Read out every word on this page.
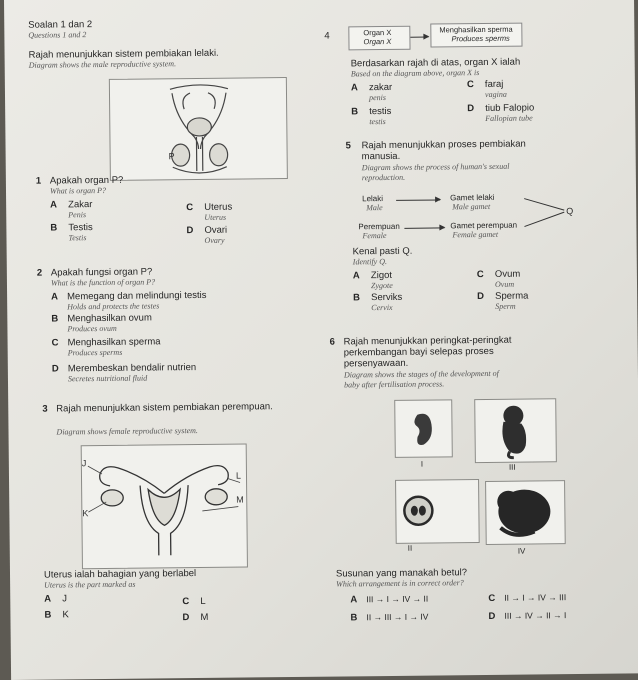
Soalan 1 dan 2
Questions 1 and 2	4
Rajah menunjukkan sistem pembiakan lelaki.
Diagram shows the male reproductive system.
P
1 Apakah organ P?
What is organ P?
A Zakar
Penis
B Testis
Testis
C Uterus
Uterus
D Ovari
Ovary
2 Apakah fungsi organ P?
What is the function of organ P?
A Memegang dan melindungi testis
Holds and protects the testes
B Menghasilkan ovum
Produces ovum
C Menghasilkan sperma
Produces sperms
D Merembeskan bendalir nutrien
Secretes nutritional fluid
3 Rajah menunjukkan sistem pembiakan perempuan.
Diagram shows female reproductive system.
J
K
L
M
Uterus ialah bahagian yang berlabel
Uterus is the part marked as
A J
B K
C L
D M
Organ X
Organ X
Menghasilkan sperma
Produces sperms
Berdasarkan rajah di atas, organ X ialah
Based on the diagram above, organ X is
A zakar
penis
B testis
testis
C faraj
vagina
D tiub Falopio
Fallopian tube
5 Rajah menunjukkan proses pembiakan
manusia.
Diagram shows the process of human's sexual
reproduction.
Lelaki
Male
Gamet lelaki
Male gamet
Perempuan
Female
Gamet perempuan
Female gamet
Q
Kenal pasti Q.
Identify Q.
A Zigot
Zygote
B Serviks
Cervix
C Ovum
Ovum
D Sperma
Sperm
6 Rajah menunjukkan peringkat-peringkat
perkembangan bayi selepas proses
persenyawaan.
Diagram shows the stages of the development of
baby after fertilisation process.
I	III
II	IV
Susunan yang manakah betul?
Which arrangement is in correct order?
A III → I → IV → II
B II → III → I → IV
C II → I → IV → III
D III → IV → II → I
